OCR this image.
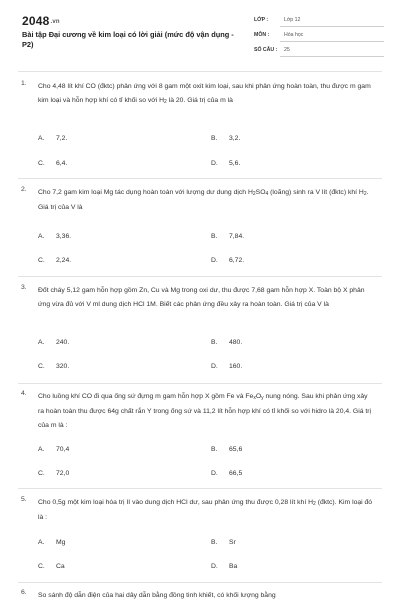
2048.vn
Bài tập Đại cương về kim loại có lời giải (mức độ vận dụng - P2)
LỚP :	Lớp 12
MÔN :	Hóa học
SỐ CÂU : 25
1. Cho 4,48 lít khí CO (đktc) phản ứng với 8 gam một oxit kim loại, sau khi phản ứng hoàn toàn, thu được m gam kim loại và hỗn hợp khí có tỉ khối so với $H_2$ là 20. Giá trị của m là
A. 7,2.	B. 3,2.
C. 6,4.	D. 5,6.
2. Cho 7,2 gam kim loại Mg tác dụng hoàn toàn với lượng dư dung dịch $H_2SO_4$ (loãng) sinh ra V lít (đktc) khí $H_2$. Giá trị của V là
A. 3,36.	B. 7,84.
C. 2,24.	D. 6,72.
3. Đốt cháy 5,12 gam hỗn hợp gồm Zn, Cu và Mg trong oxi dư, thu được 7,68 gam hỗn hợp X. Toàn bộ X phản ứng vừa đủ với V ml dung dịch HCl 1M. Biết các phản ứng đều xảy ra hoàn toàn. Giá trị của V là
A. 240.	B. 480.
C. 320.	D. 160.
4. Cho luồng khí CO đi qua ống sứ đựng m gam hỗn hợp X gồm Fe và $Fe_xO_y$ nung nóng. Sau khi phản ứng xảy ra hoàn toàn thu được 64g chất rắn Y trong ống sứ và 11,2 lít hỗn hợp khí có tỉ khối so với hidro là 20,4. Giá trị của m là :
A. 70,4	B. 65,6
C. 72,0	D. 66,5
5. Cho 0,5g một kim loại hóa trị II vào dung dịch HCl dư, sau phản ứng thu được 0,28 lít khí $H_2$ (đktc). Kim loại đó là :
A. Mg	B. Sr
C. Ca	D. Ba
6. So sánh độ dẫn điện của hai dây dẫn bằng đồng tinh khiết, có khối lượng bằng
